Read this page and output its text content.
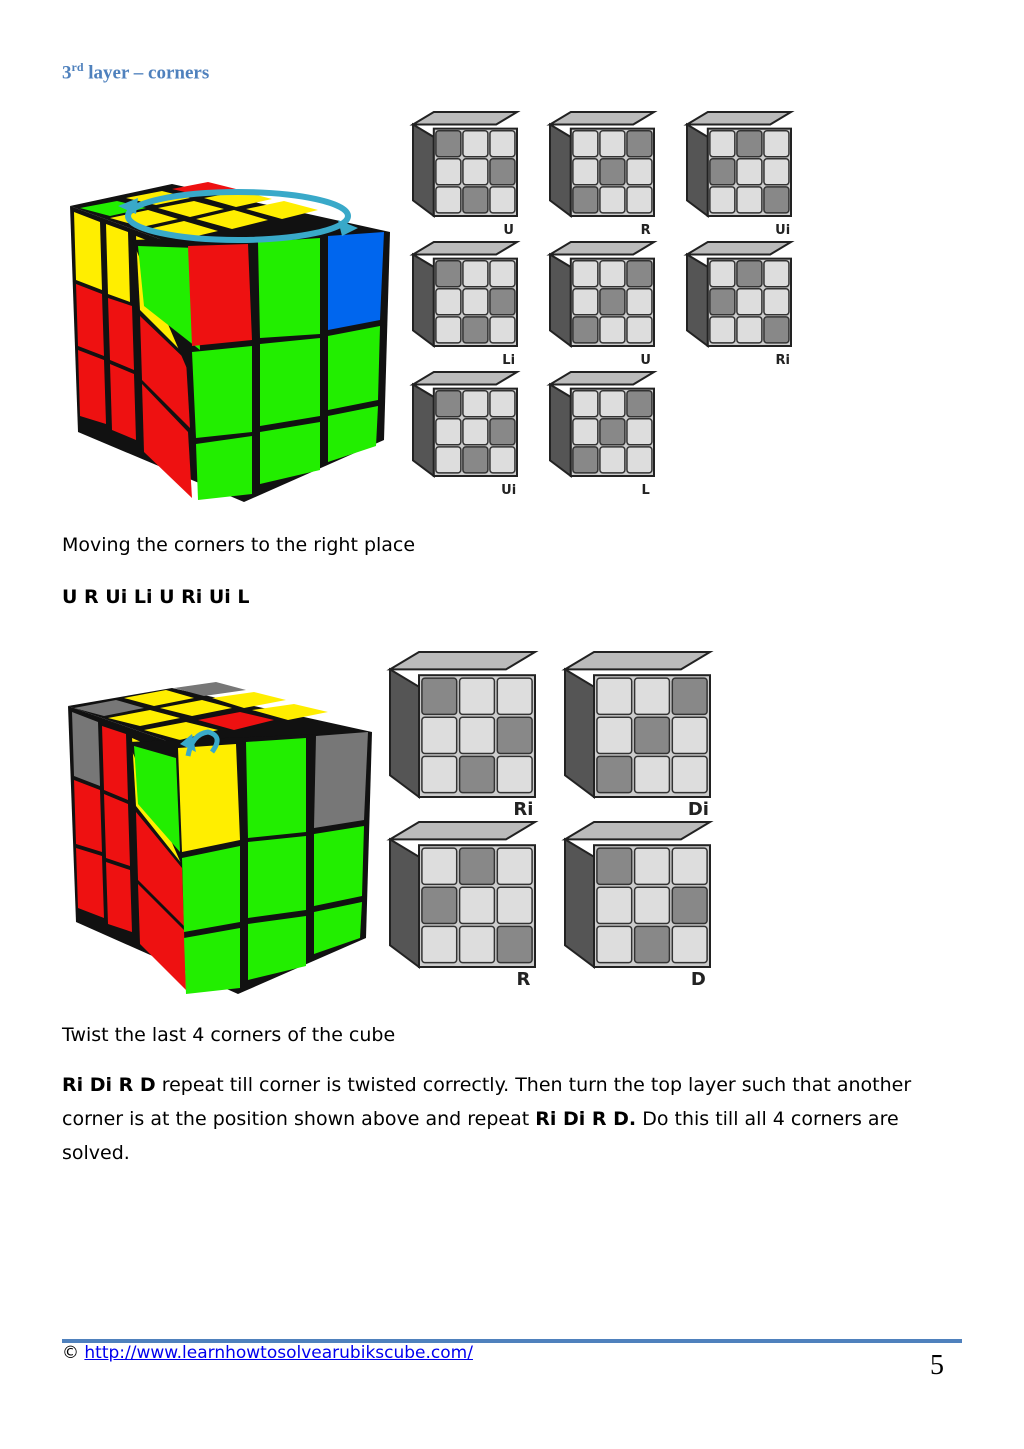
3rd layer – corners
U	R	Ui
Li	U	Ri
Ui	L
Moving the corners to the right place
U R Ui Li U Ri Ui L
Ri	Di
R	D
Twist the last 4 corners of the cube
Ri Di R D repeat till corner is twisted correctly. Then turn the top layer such that another corner is at the position shown above and repeat Ri Di R D. Do this till all 4 corners are solved.
© http://www.learnhowtosolvearubikscube.com/	5
